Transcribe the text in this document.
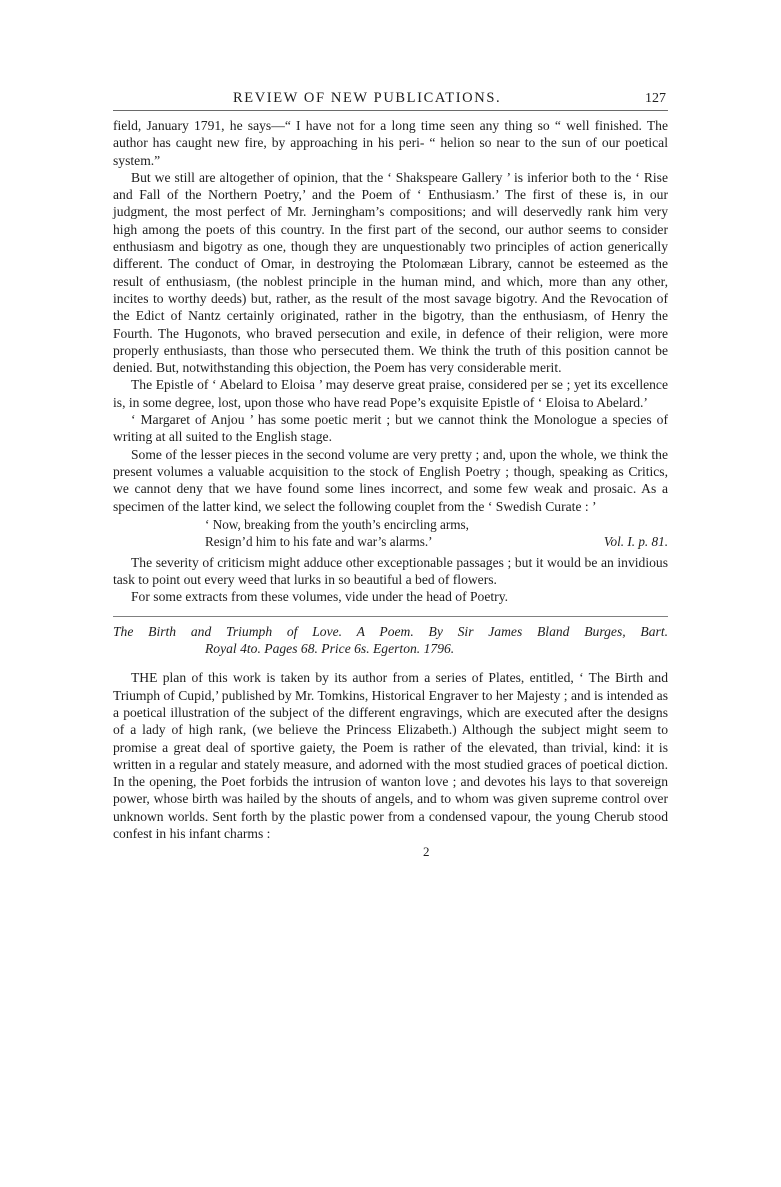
REVIEW OF NEW PUBLICATIONS.	127

field, January 1791, he says—“ I have not for a long time seen any thing so “ well finished. The author has caught new fire, by approaching in his peri- “ helion so near to the sun of our poetical system.”

But we still are altogether of opinion, that the ‘ Shakspeare Gallery ’ is inferior both to the ‘ Rise and Fall of the Northern Poetry,’ and the Poem of ‘ Enthusiasm.’ The first of these is, in our judgment, the most perfect of Mr. Jerningham’s compositions; and will deservedly rank him very high among the poets of this country. In the first part of the second, our author seems to consider enthusiasm and bigotry as one, though they are unquestionably two principles of action generically different. The conduct of Omar, in destroying the Ptolomæan Library, cannot be esteemed as the result of enthusiasm, (the noblest principle in the human mind, and which, more than any other, incites to worthy deeds) but, rather, as the result of the most savage bigotry. And the Revocation of the Edict of Nantz certainly originated, rather in the bigotry, than the enthusiasm, of Henry the Fourth. The Hugonots, who braved persecution and exile, in defence of their religion, were more properly enthusiasts, than those who persecuted them. We think the truth of this position cannot be denied. But, notwithstanding this objection, the Poem has very considerable merit.

The Epistle of ‘ Abelard to Eloisa ’ may deserve great praise, considered per se ; yet its excellence is, in some degree, lost, upon those who have read Pope’s exquisite Epistle of ‘ Eloisa to Abelard.’

‘ Margaret of Anjou ’ has some poetic merit ; but we cannot think the Monologue a species of writing at all suited to the English stage.

Some of the lesser pieces in the second volume are very pretty ; and, upon the whole, we think the present volumes a valuable acquisition to the stock of English Poetry ; though, speaking as Critics, we cannot deny that we have found some lines incorrect, and some few weak and prosaic. As a specimen of the latter kind, we select the following couplet from the ‘ Swedish Curate : ’

‘ Now, breaking from the youth’s encircling arms,
Resign’d him to his fate and war’s alarms.’	Vol. I. p. 81.

The severity of criticism might adduce other exceptionable passages ; but it would be an invidious task to point out every weed that lurks in so beautiful a bed of flowers.

For some extracts from these volumes, vide under the head of Poetry.

The Birth and Triumph of Love. A Poem. By Sir James Bland Burges, Bart.

Royal 4to. Pages 68. Price 6s. Egerton. 1796.

THE plan of this work is taken by its author from a series of Plates, entitled, ‘ The Birth and Triumph of Cupid,’ published by Mr. Tomkins, Historical Engraver to her Majesty ; and is intended as a poetical illustration of the subject of the different engravings, which are executed after the designs of a lady of high rank, (we believe the Princess Elizabeth.) Although the subject might seem to promise a great deal of sportive gaiety, the Poem is rather of the elevated, than trivial, kind: it is written in a regular and stately measure, and adorned with the most studied graces of poetical diction. In the opening, the Poet forbids the intrusion of wanton love ; and devotes his lays to that sovereign power, whose birth was hailed by the shouts of angels, and to whom was given supreme control over unknown worlds. Sent forth by the plastic power from a condensed vapour, the young Cherub stood confest in his infant charms :

2
